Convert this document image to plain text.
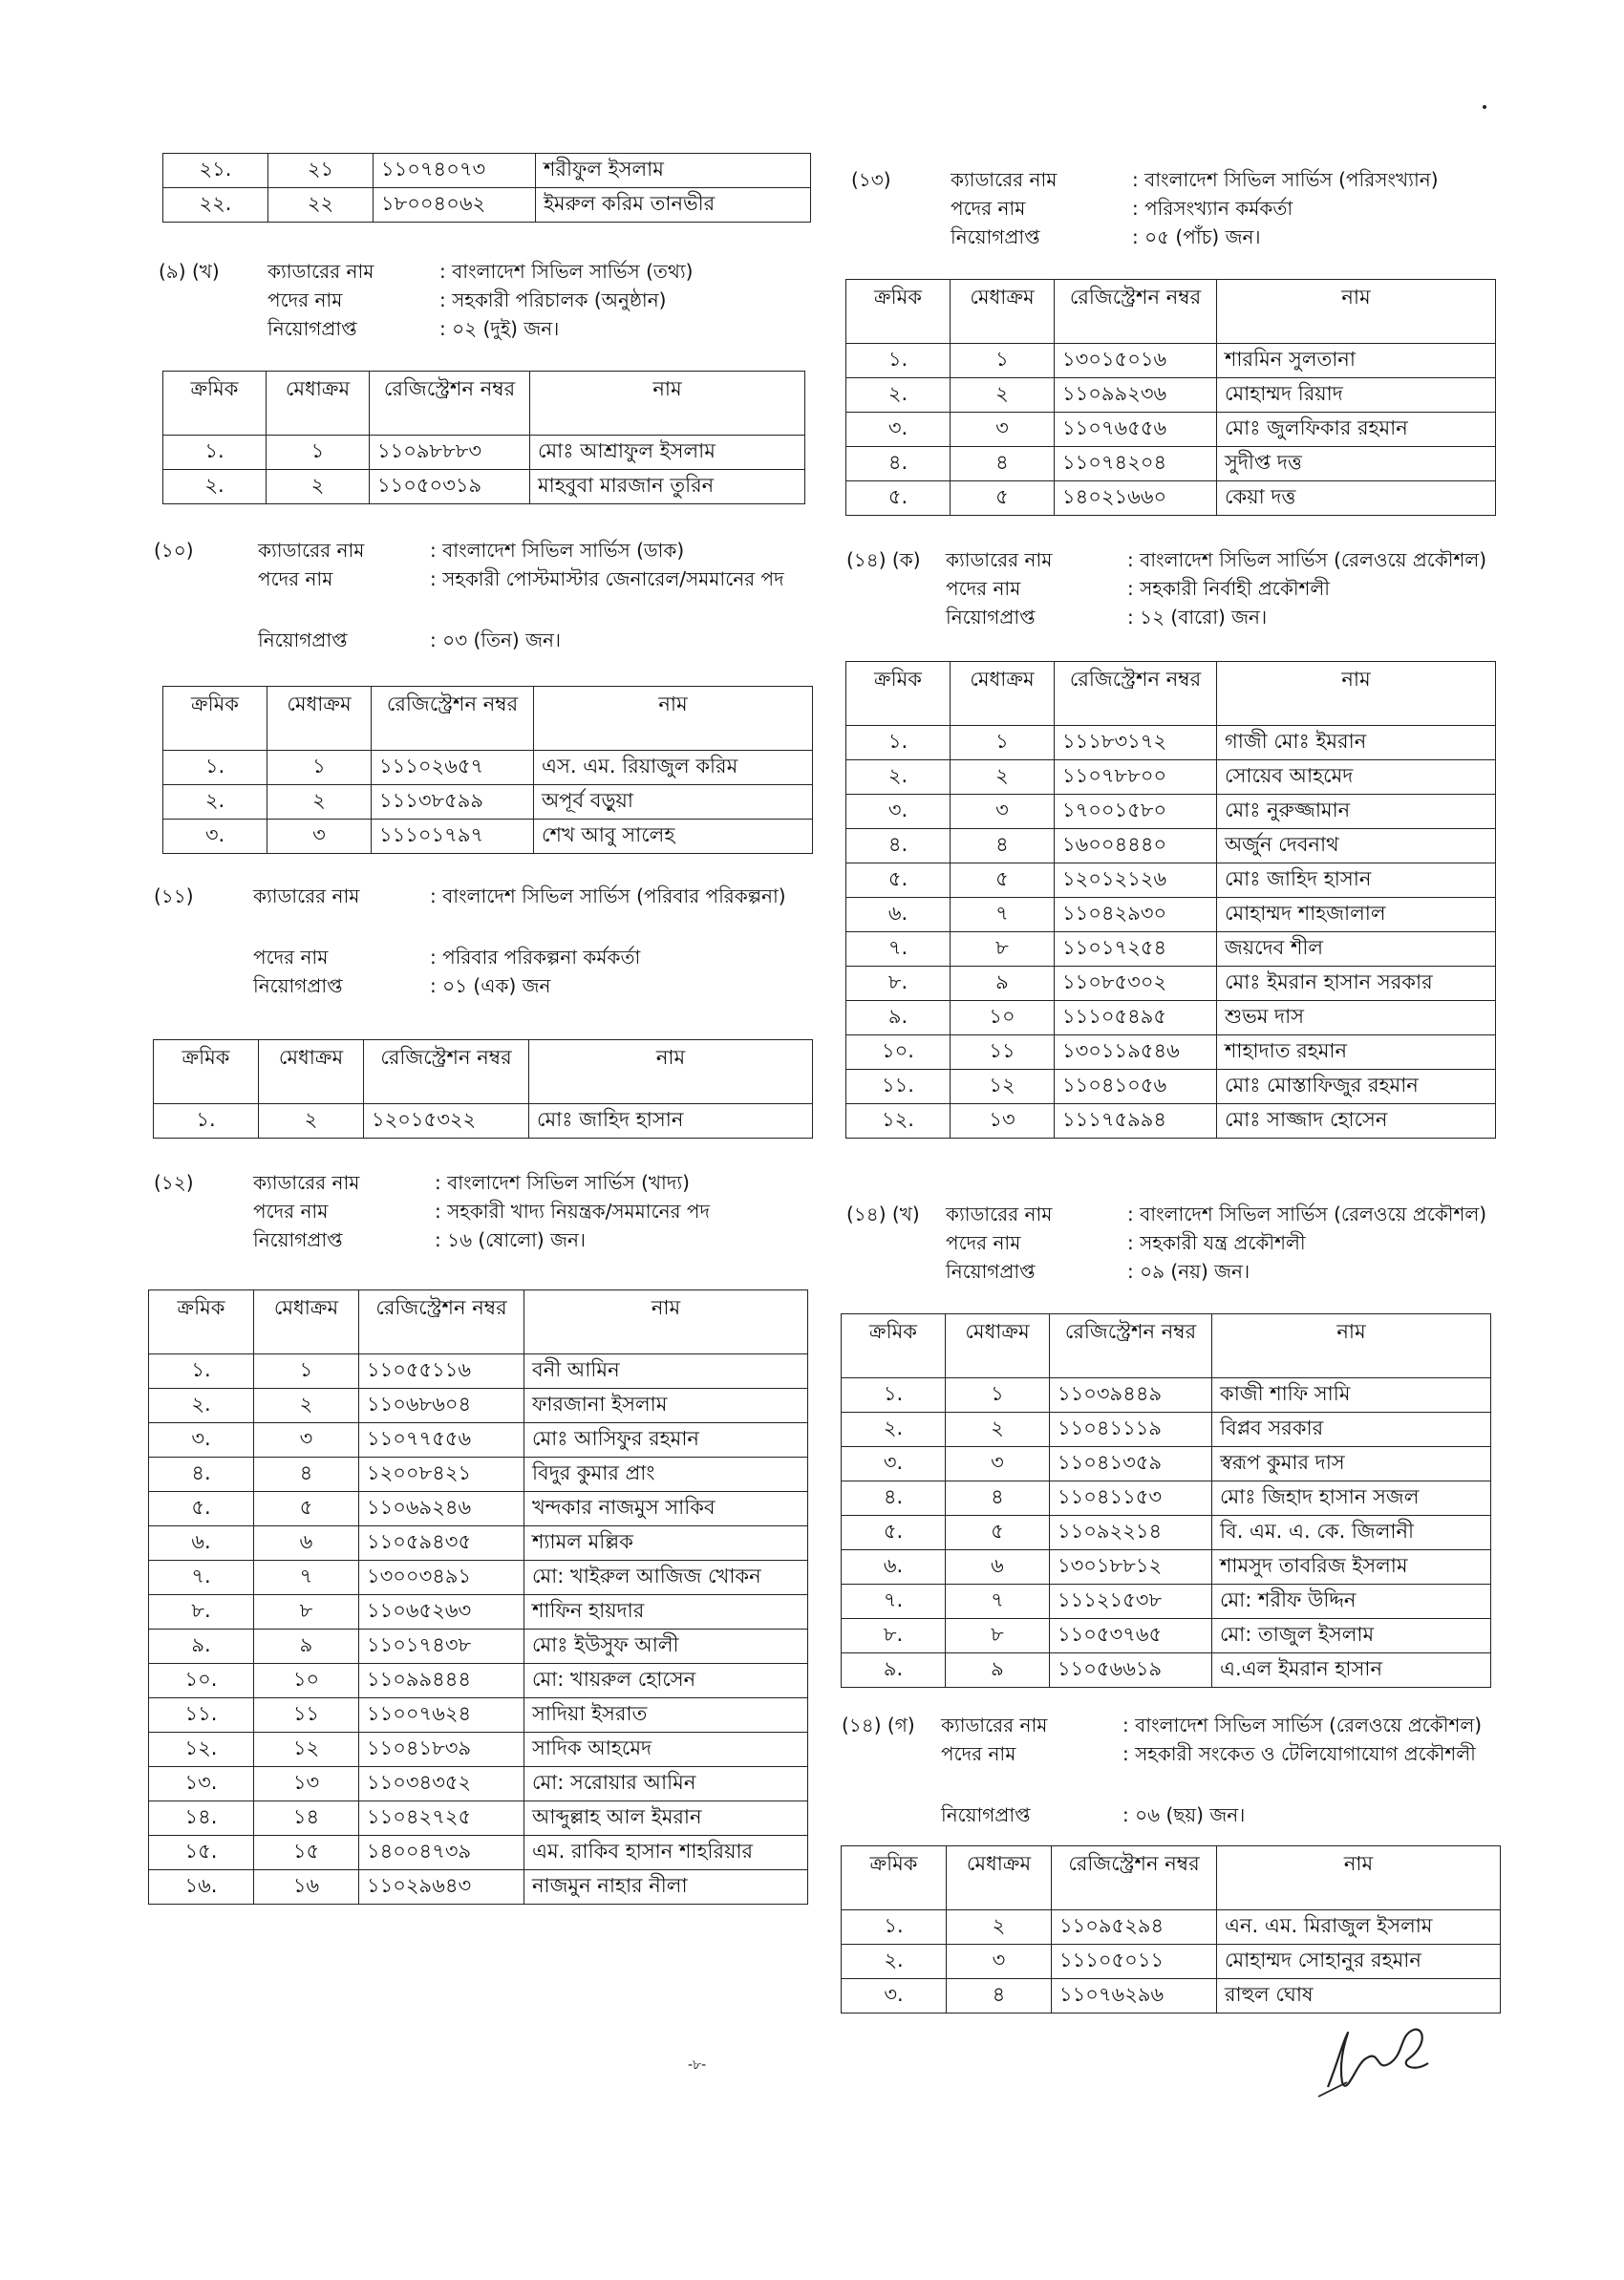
২১.	২১	১১০৭৪০৭৩	শরীফুল ইসলাম
২২.	২২	১৮০০৪০৬২	ইমরুল করিম তানভীর
(৯) (খ)	ক্যাডারের নাম	: বাংলাদেশ সিভিল সার্ভিস (তথ্য)
পদের নাম	: সহকারী পরিচালক (অনুষ্ঠান)
নিয়োগপ্রাপ্ত	: ০২ (দুই) জন।
ক্রমিক	মেধাক্রম	রেজিস্ট্রেশন নম্বর	নাম
১.	১	১১০৯৮৮৮৩	মোঃ আশ্রাফুল ইসলাম
২.	২	১১০৫০৩১৯	মাহবুবা মারজান তুরিন
(১০)	ক্যাডারের নাম	: বাংলাদেশ সিভিল সার্ভিস (ডাক)
পদের নাম	: সহকারী পোস্টমাস্টার জেনারেল/সমমানের পদ
নিয়োগপ্রাপ্ত	: ০৩ (তিন) জন।
ক্রমিক	মেধাক্রম	রেজিস্ট্রেশন নম্বর	নাম
১.	১	১১১০২৬৫৭	এস. এম. রিয়াজুল করিম
২.	২	১১১৩৮৫৯৯	অপূর্ব বড়ুয়া
৩.	৩	১১১০১৭৯৭	শেখ আবু সালেহ
(১১)	ক্যাডারের নাম	: বাংলাদেশ সিভিল সার্ভিস (পরিবার পরিকল্পনা)
পদের নাম	: পরিবার পরিকল্পনা কর্মকর্তা
নিয়োগপ্রাপ্ত	: ০১ (এক) জন
ক্রমিক	মেধাক্রম	রেজিস্ট্রেশন নম্বর	নাম
১.	২	১২০১৫৩২২	মোঃ জাহিদ হাসান
(১২)	ক্যাডারের নাম	: বাংলাদেশ সিভিল সার্ভিস (খাদ্য)
পদের নাম	: সহকারী খাদ্য নিয়ন্ত্রক/সমমানের পদ
নিয়োগপ্রাপ্ত	: ১৬ (ষোলো) জন।
ক্রমিক	মেধাক্রম	রেজিস্ট্রেশন নম্বর	নাম
১.	১	১১০৫৫১১৬	বনী আমিন
২.	২	১১০৬৮৬০৪	ফারজানা ইসলাম
৩.	৩	১১০৭৭৫৫৬	মোঃ আসিফুর রহমান
৪.	৪	১২০০৮৪২১	বিদুর কুমার প্রাং
৫.	৫	১১০৬৯২৪৬	খন্দকার নাজমুস সাকিব
৬.	৬	১১০৫৯৪৩৫	শ্যামল মল্লিক
৭.	৭	১৩০০৩৪৯১	মো: খাইরুল আজিজ খোকন
৮.	৮	১১০৬৫২৬৩	শাফিন হায়দার
৯.	৯	১১০১৭৪৩৮	মোঃ ইউসুফ আলী
১০.	১০	১১০৯৯৪৪৪	মো: খায়রুল হোসেন
১১.	১১	১১০০৭৬২৪	সাদিয়া ইসরাত
১২.	১২	১১০৪১৮৩৯	সাদিক আহমেদ
১৩.	১৩	১১০৩৪৩৫২	মো: সরোয়ার আমিন
১৪.	১৪	১১০৪২৭২৫	আব্দুল্লাহ আল ইমরান
১৫.	১৫	১৪০০৪৭৩৯	এম. রাকিব হাসান শাহরিয়ার
১৬.	১৬	১১০২৯৬৪৩	নাজমুন নাহার নীলা
(১৩)	ক্যাডারের নাম	: বাংলাদেশ সিভিল সার্ভিস (পরিসংখ্যান)
পদের নাম	: পরিসংখ্যান কর্মকর্তা
নিয়োগপ্রাপ্ত	: ০৫ (পাঁচ) জন।
ক্রমিক	মেধাক্রম	রেজিস্ট্রেশন নম্বর	নাম
১.	১	১৩০১৫০১৬	শারমিন সুলতানা
২.	২	১১০৯৯২৩৬	মোহাম্মদ রিয়াদ
৩.	৩	১১০৭৬৫৫৬	মোঃ জুলফিকার রহমান
৪.	৪	১১০৭৪২০৪	সুদীপ্ত দত্ত
৫.	৫	১৪০২১৬৬০	কেয়া দত্ত
(১৪) (ক) ক্যাডারের নাম	: বাংলাদেশ সিভিল সার্ভিস (রেলওয়ে প্রকৌশল)
পদের নাম	: সহকারী নির্বাহী প্রকৌশলী
নিয়োগপ্রাপ্ত	: ১২ (বারো) জন।
ক্রমিক	মেধাক্রম	রেজিস্ট্রেশন নম্বর	নাম
১.	১	১১১৮৩১৭২	গাজী মোঃ ইমরান
২.	২	১১০৭৮৮০০	সোয়েব আহমেদ
৩.	৩	১৭০০১৫৮০	মোঃ নুরুজ্জামান
৪.	৪	১৬০০৪৪৪০	অর্জুন দেবনাথ
৫.	৫	১২০১২১২৬	মোঃ জাহিদ হাসান
৬.	৭	১১০৪২৯৩০	মোহাম্মদ শাহজালাল
৭.	৮	১১০১৭২৫৪	জয়দেব শীল
৮.	৯	১১০৮৫৩০২	মোঃ ইমরান হাসান সরকার
৯.	১০	১১১০৫৪৯৫	শুভম দাস
১০.	১১	১৩০১১৯৫৪৬	শাহাদাত রহমান
১১.	১২	১১০৪১০৫৬	মোঃ মোস্তাফিজুর রহমান
১২.	১৩	১১১৭৫৯৯৪	মোঃ সাজ্জাদ হোসেন
(১৪) (খ) ক্যাডারের নাম	: বাংলাদেশ সিভিল সার্ভিস (রেলওয়ে প্রকৌশল)
পদের নাম	: সহকারী যন্ত্র প্রকৌশলী
নিয়োগপ্রাপ্ত	: ০৯ (নয়) জন।
ক্রমিক	মেধাক্রম	রেজিস্ট্রেশন নম্বর	নাম
১.	১	১১০৩৯৪৪৯	কাজী শাফি সামি
২.	২	১১০৪১১১৯	বিপ্লব সরকার
৩.	৩	১১০৪১৩৫৯	স্বরূপ কুমার দাস
৪.	৪	১১০৪১১৫৩	মোঃ জিহাদ হাসান সজল
৫.	৫	১১০৯২২১৪	বি. এম. এ. কে. জিলানী
৬.	৬	১৩০১৮৮১২	শামসুদ তাবরিজ ইসলাম
৭.	৭	১১১২১৫৩৮	মো: শরীফ উদ্দিন
৮.	৮	১১০৫৩৭৬৫	মো: তাজুল ইসলাম
৯.	৯	১১০৫৬৬১৯	এ.এল ইমরান হাসান
(১৪) (গ) ক্যাডারের নাম	: বাংলাদেশ সিভিল সার্ভিস (রেলওয়ে প্রকৌশল)
পদের নাম	: সহকারী সংকেত ও টেলিযোগাযোগ প্রকৌশলী
নিয়োগপ্রাপ্ত	: ০৬ (ছয়) জন।
ক্রমিক	মেধাক্রম	রেজিস্ট্রেশন নম্বর	নাম
১.	২	১১০৯৫২৯৪	এন. এম. মিরাজুল ইসলাম
২.	৩	১১১০৫০১১	মোহাম্মদ সোহানুর রহমান
৩.	৪	১১০৭৬২৯৬	রাহুল ঘোষ
-৮-
